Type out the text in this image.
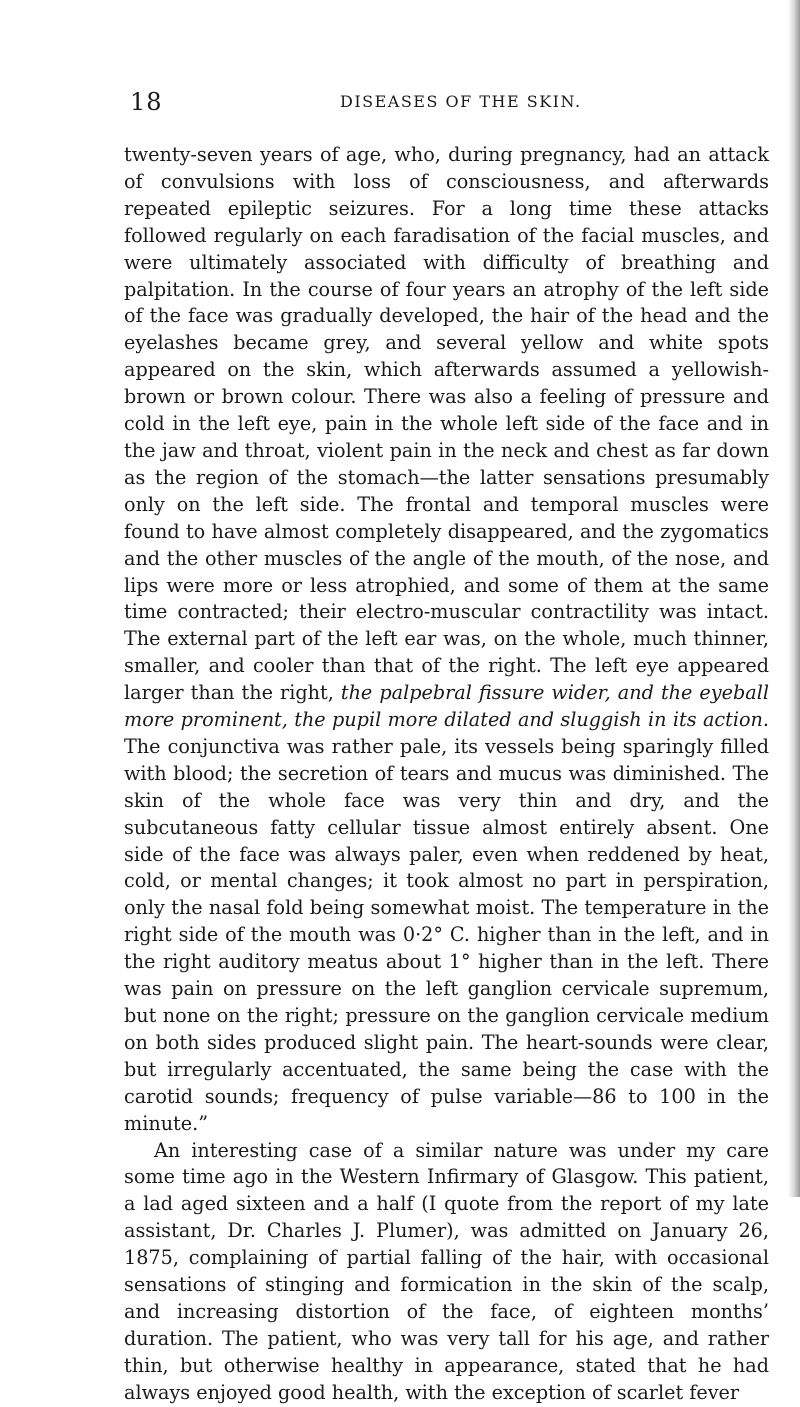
18	DISEASES OF THE SKIN.

twenty-seven years of age, who, during pregnancy, had an attack of convulsions with loss of consciousness, and afterwards repeated epileptic seizures. For a long time these attacks followed regularly on each faradisation of the facial muscles, and were ultimately associated with difficulty of breathing and palpitation. In the course of four years an atrophy of the left side of the face was gradually developed, the hair of the head and the eyelashes became grey, and several yellow and white spots appeared on the skin, which afterwards assumed a yellowish-brown or brown colour. There was also a feeling of pressure and cold in the left eye, pain in the whole left side of the face and in the jaw and throat, violent pain in the neck and chest as far down as the region of the stomach—the latter sensations presumably only on the left side. The frontal and temporal muscles were found to have almost completely disappeared, and the zygomatics and the other muscles of the angle of the mouth, of the nose, and lips were more or less atrophied, and some of them at the same time contracted; their electro-muscular contractility was intact. The external part of the left ear was, on the whole, much thinner, smaller, and cooler than that of the right. The left eye appeared larger than the right, the palpebral fissure wider, and the eyeball more prominent, the pupil more dilated and sluggish in its action. The conjunctiva was rather pale, its vessels being sparingly filled with blood; the secretion of tears and mucus was diminished. The skin of the whole face was very thin and dry, and the subcutaneous fatty cellular tissue almost entirely absent. One side of the face was always paler, even when reddened by heat, cold, or mental changes; it took almost no part in perspiration, only the nasal fold being somewhat moist. The temperature in the right side of the mouth was 0·2° C. higher than in the left, and in the right auditory meatus about 1° higher than in the left. There was pain on pressure on the left ganglion cervicale supremum, but none on the right; pressure on the ganglion cervicale medium on both sides produced slight pain. The heart-sounds were clear, but irregularly accentuated, the same being the case with the carotid sounds; frequency of pulse variable—86 to 100 in the minute.”

An interesting case of a similar nature was under my care some time ago in the Western Infirmary of Glasgow. This patient, a lad aged sixteen and a half (I quote from the report of my late assistant, Dr. Charles J. Plumer), was admitted on January 26, 1875, complaining of partial falling of the hair, with occasional sensations of stinging and formication in the skin of the scalp, and increasing distortion of the face, of eighteen months’ duration. The patient, who was very tall for his age, and rather thin, but otherwise healthy in appearance, stated that he had always enjoyed good health, with the exception of scarlet fever
